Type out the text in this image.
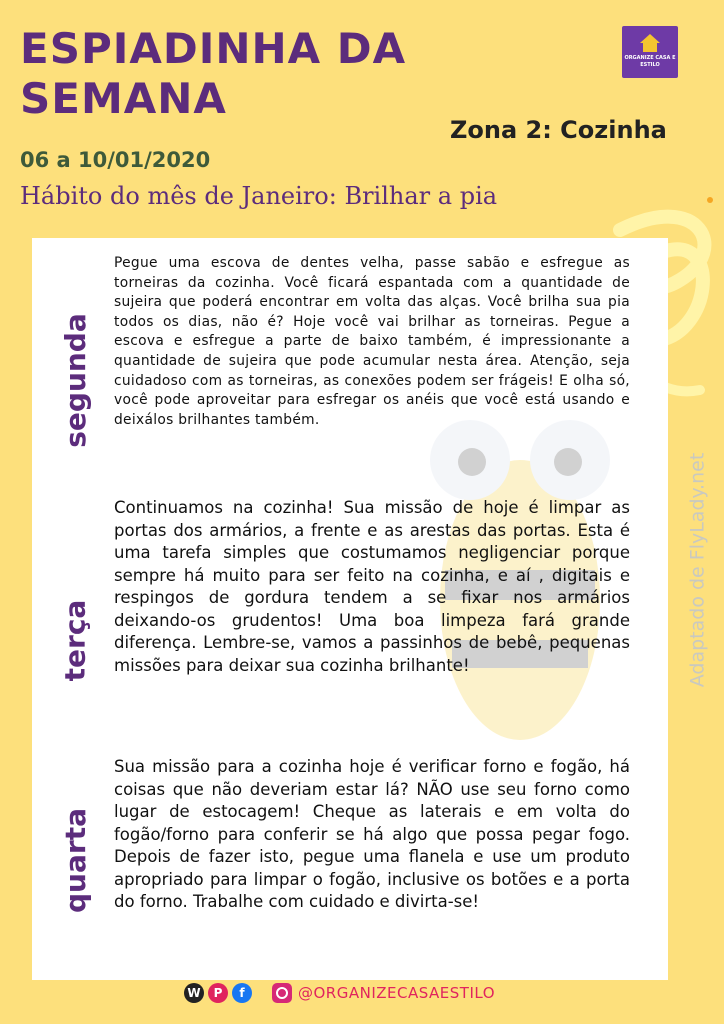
ESPIADINHA DA SEMANA
ORGANIZE CASA E ESTILO
Zona 2: Cozinha
06 a 10/01/2020
Hábito do mês de Janeiro: Brilhar a pia
segunda
Pegue uma escova de dentes velha, passe sabão e esfregue as torneiras da cozinha. Você ficará espantada com a quantidade de sujeira que poderá encontrar em volta das alças. Você brilha sua pia todos os dias, não é? Hoje você vai brilhar as torneiras. Pegue a escova e esfregue a parte de baixo também, é impressionante a quantidade de sujeira que pode acumular nesta área. Atenção, seja cuidadoso com as torneiras, as conexões podem ser frágeis! E olha só, você pode aproveitar para esfregar os anéis que você está usando e deixálos brilhantes também.
terça
Continuamos na cozinha! Sua missão de hoje é limpar as portas dos armários, a frente e as arestas das portas. Esta é uma tarefa simples que costumamos negligenciar porque sempre há muito para ser feito na cozinha, e aí , digitais e respingos de gordura tendem a se fixar nos armários deixando-os grudentos! Uma boa limpeza fará grande diferença. Lembre-se, vamos a passinhos de bebê, pequenas missões para deixar sua cozinha brilhante!
quarta
Sua missão para a cozinha hoje é verificar forno e fogão, há coisas que não deveriam estar lá? NÃO use seu forno como lugar de estocagem! Cheque as laterais e em volta do fogão/forno para conferir se há algo que possa pegar fogo. Depois de fazer isto, pegue uma flanela e use um produto apropriado para limpar o fogão, inclusive os botões e a porta do forno. Trabalhe com cuidado e divirta-se!
Adaptado de FlyLady.net
W	P	f	@ORGANIZECASAESTILO
